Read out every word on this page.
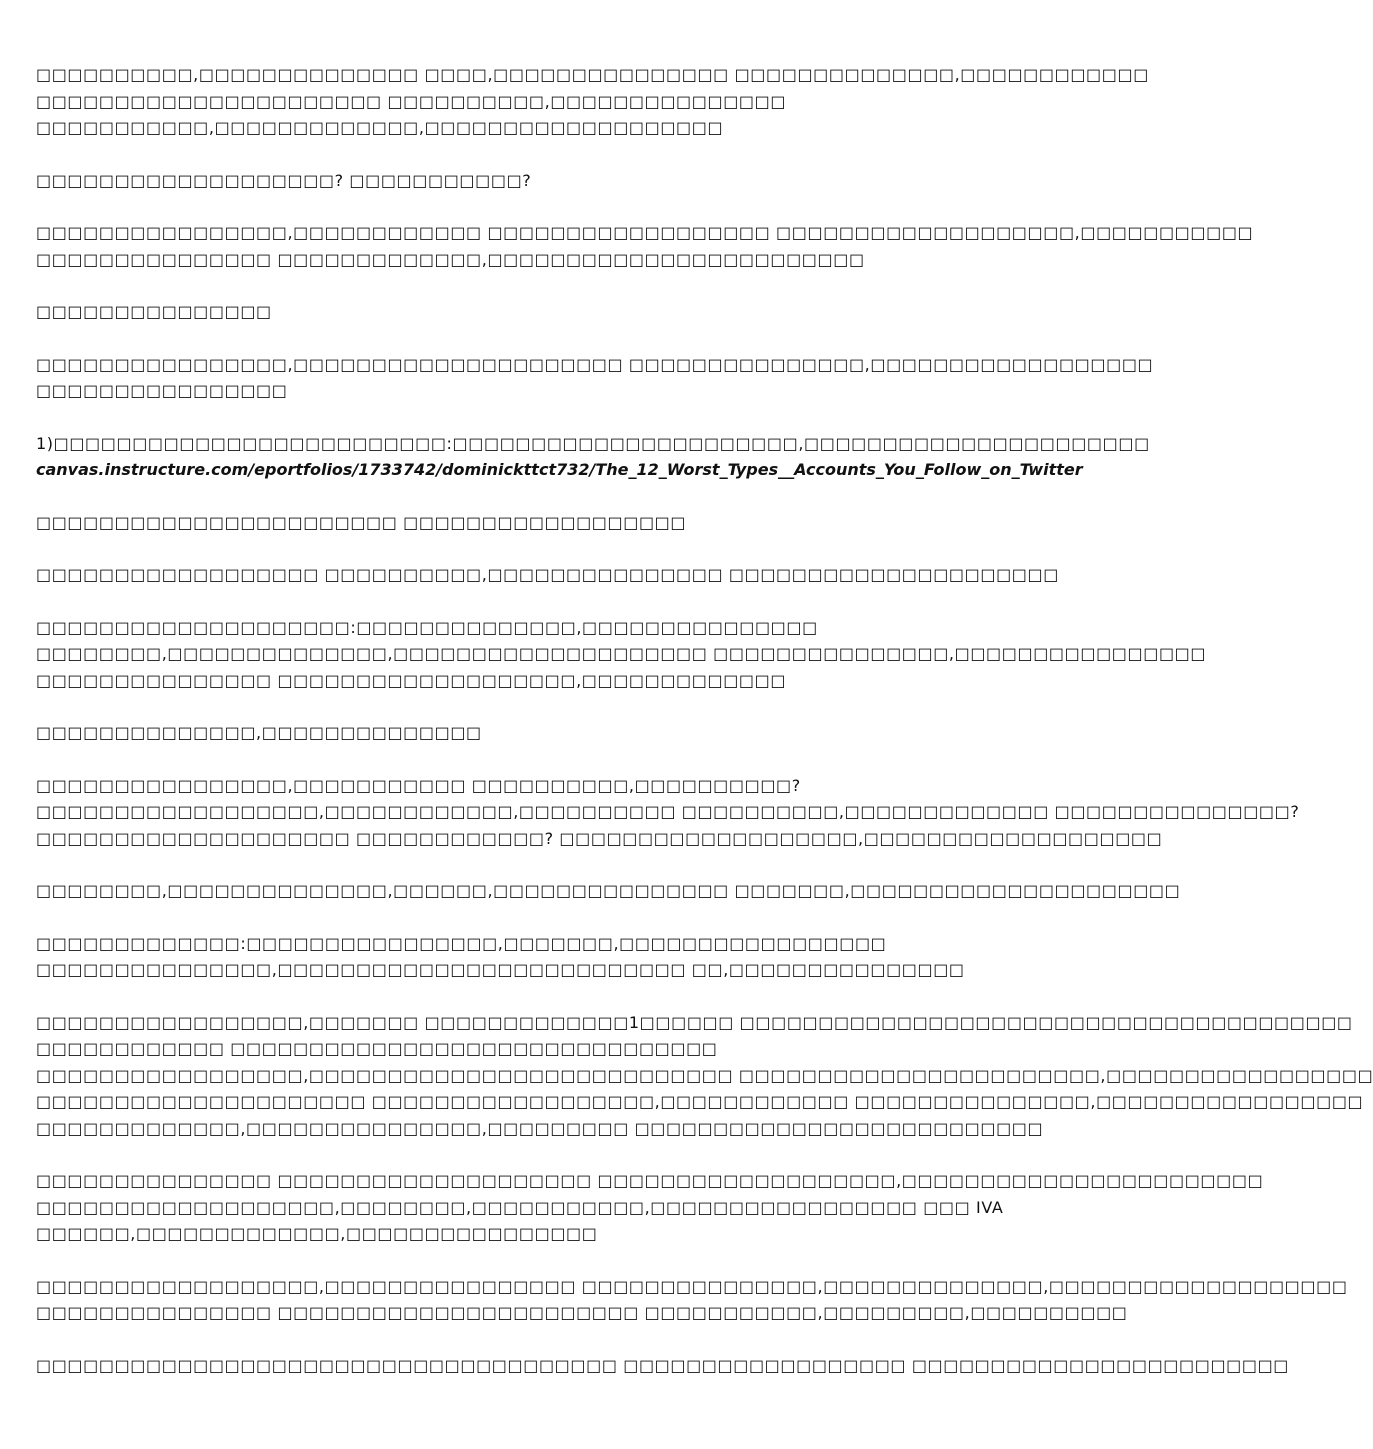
□□□□□□□□□□,□□□□□□□□□□□□□□ □□□□,□□□□□□□□□□□□□□□ □□□□□□□□□□□□□□,□□□□□□□□□□□□
□□□□□□□□□□□□□□□□□□□□□□ □□□□□□□□□□,□□□□□□□□□□□□□□□
□□□□□□□□□□□,□□□□□□□□□□□□□,□□□□□□□□□□□□□□□□□□□
□□□□□□□□□□□□□□□□□□□? □□□□□□□□□□□?
□□□□□□□□□□□□□□□□,□□□□□□□□□□□□ □□□□□□□□□□□□□□□□□□ □□□□□□□□□□□□□□□□□□□,□□□□□□□□□□□
□□□□□□□□□□□□□□□ □□□□□□□□□□□□□,□□□□□□□□□□□□□□□□□□□□□□□□
□□□□□□□□□□□□□□□
□□□□□□□□□□□□□□□□,□□□□□□□□□□□□□□□□□□□□□ □□□□□□□□□□□□□□□,□□□□□□□□□□□□□□□□□□
□□□□□□□□□□□□□□□□
1)□□□□□□□□□□□□□□□□□□□□□□□□□:□□□□□□□□□□□□□□□□□□□□□□,□□□□□□□□□□□□□□□□□□□□□□
canvas.instructure.com/eportfolios/1733742/dominickttct732/The_12_Worst_Types__Accounts_You_Follow_on_Twitter
□□□□□□□□□□□□□□□□□□□□□□□ □□□□□□□□□□□□□□□□□□
□□□□□□□□□□□□□□□□□□ □□□□□□□□□□,□□□□□□□□□□□□□□□ □□□□□□□□□□□□□□□□□□□□□
□□□□□□□□□□□□□□□□□□□□:□□□□□□□□□□□□□□,□□□□□□□□□□□□□□□
□□□□□□□□,□□□□□□□□□□□□□□,□□□□□□□□□□□□□□□□□□□□ □□□□□□□□□□□□□□□,□□□□□□□□□□□□□□□□
□□□□□□□□□□□□□□□ □□□□□□□□□□□□□□□□□□□,□□□□□□□□□□□□□
□□□□□□□□□□□□□□,□□□□□□□□□□□□□□
□□□□□□□□□□□□□□□□,□□□□□□□□□□□ □□□□□□□□□□,□□□□□□□□□□?
□□□□□□□□□□□□□□□□□□,□□□□□□□□□□□□,□□□□□□□□□□ □□□□□□□□□□,□□□□□□□□□□□□□ □□□□□□□□□□□□□□□?
□□□□□□□□□□□□□□□□□□□□ □□□□□□□□□□□□? □□□□□□□□□□□□□□□□□□□,□□□□□□□□□□□□□□□□□□□
□□□□□□□□,□□□□□□□□□□□□□□,□□□□□□,□□□□□□□□□□□□□□□ □□□□□□□,□□□□□□□□□□□□□□□□□□□□□
□□□□□□□□□□□□□:□□□□□□□□□□□□□□□□,□□□□□□□,□□□□□□□□□□□□□□□□□
□□□□□□□□□□□□□□□,□□□□□□□□□□□□□□□□□□□□□□□□□□ □□,□□□□□□□□□□□□□□□
□□□□□□□□□□□□□□□□□,□□□□□□□ □□□□□□□□□□□□□1□□□□□□ □□□□□□□□□□□□□□□□□□□□□□□□□□□□□□□□□□□□□□□
□□□□□□□□□□□□ □□□□□□□□□□□□□□□□□□□□□□□□□□□□□□□
□□□□□□□□□□□□□□□□□,□□□□□□□□□□□□□□□□□□□□□□□□□□□ □□□□□□□□□□□□□□□□□□□□□□□,□□□□□□□□□□□□□□□□□
□□□□□□□□□□□□□□□□□□□□□ □□□□□□□□□□□□□□□□□□,□□□□□□□□□□□□ □□□□□□□□□□□□□□□,□□□□□□□□□□□□□□□□□
□□□□□□□□□□□□□,□□□□□□□□□□□□□□□,□□□□□□□□□ □□□□□□□□□□□□□□□□□□□□□□□□□□
□□□□□□□□□□□□□□□ □□□□□□□□□□□□□□□□□□□□ □□□□□□□□□□□□□□□□□□□,□□□□□□□□□□□□□□□□□□□□□□□
□□□□□□□□□□□□□□□□□□□,□□□□□□□□,□□□□□□□□□□□,□□□□□□□□□□□□□□□□□ □□□ IVA
□□□□□□,□□□□□□□□□□□□□,□□□□□□□□□□□□□□□□
□□□□□□□□□□□□□□□□□□,□□□□□□□□□□□□□□□□ □□□□□□□□□□□□□□□,□□□□□□□□□□□□□□,□□□□□□□□□□□□□□□□□□□
□□□□□□□□□□□□□□□ □□□□□□□□□□□□□□□□□□□□□□□ □□□□□□□□□□□,□□□□□□□□□,□□□□□□□□□□
□□□□□□□□□□□□□□□□□□□□□□□□□□□□□□□□□□□□□ □□□□□□□□□□□□□□□□□□ □□□□□□□□□□□□□□□□□□□□□□□□
